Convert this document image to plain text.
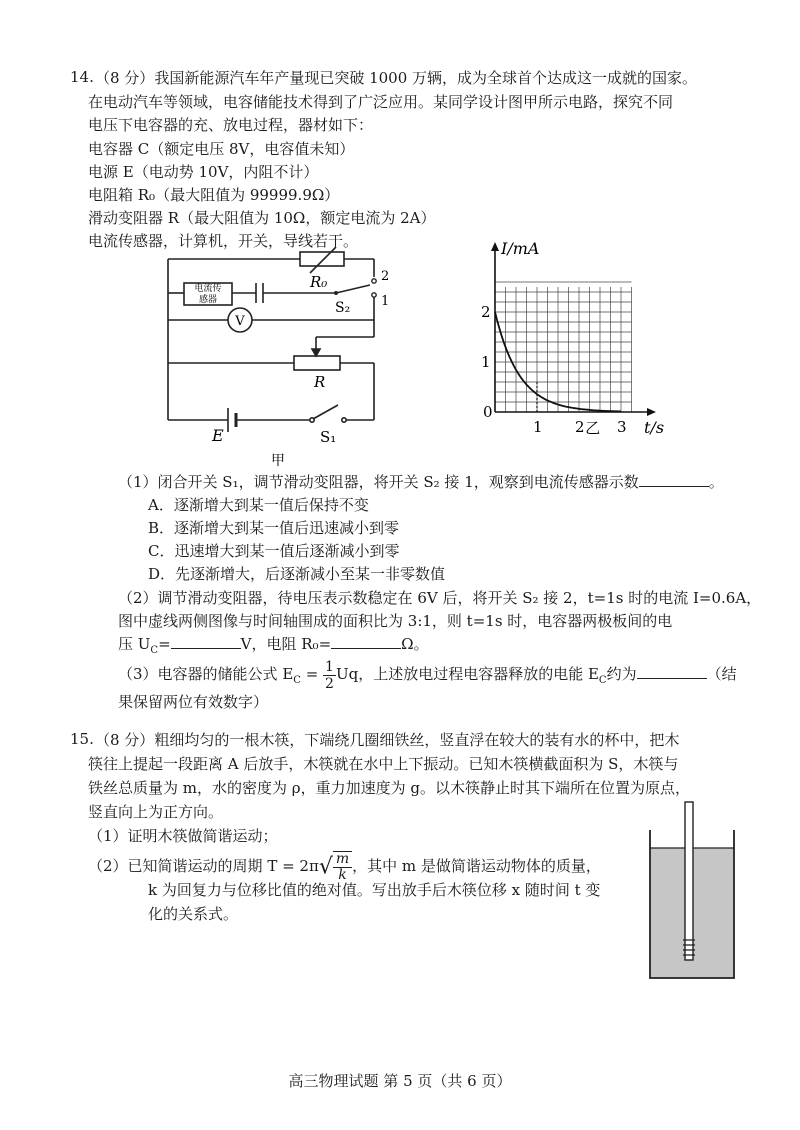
14. （8 分）我国新能源汽车年产量现已突破 1000 万辆，成为全球首个达成这一成就的国家。
在电动汽车等领域，电容储能技术得到了广泛应用。某同学设计图甲所示电路，探究不同
电压下电容器的充、放电过程，器材如下：
电容器 C（额定电压 8V，电容值未知）
电源 E（电动势 10V，内阻不计）
电阻箱 R₀（最大阻值为 99999.9Ω）
滑动变阻器 R（最大阻值为 10Ω，额定电流为 2A）
电流传感器，计算机，开关，导线若干。
电流传
感器
R₀
S₂
2
1
V
R
E	S₁
甲
0
1 2 3
1
2
I/mA
t/s
乙
（1）闭合开关 S₁，调节滑动变阻器，将开关 S₂ 接 1，观察到电流传感器示数	。
A．逐渐增大到某一值后保持不变
B．逐渐增大到某一值后迅速减小到零
C．迅速增大到某一值后逐渐减小到零
D．先逐渐增大，后逐渐减小至某一非零数值
（2）调节滑动变阻器，待电压表示数稳定在 6V 后，将开关 S₂ 接 2，t=1s 时的电流 I=0.6A，
图中虚线两侧图像与时间轴围成的面积比为 3:1，则 t=1s 时，电容器两极板间的电
压 $U_C=$	V，电阻 R₀=	Ω。
（3）电容器的储能公式 $E_C = \frac{1}{2}$ Uq，上述放电过程电容器释放的电能 $E_C$约为	（结
果保留两位有效数字）
15. （8 分）粗细均匀的一根木筷，下端绕几圈细铁丝，竖直浮在较大的装有水的杯中，把木
筷往上提起一段距离 A 后放手，木筷就在水中上下振动。已知木筷横截面积为 S，木筷与
铁丝总质量为 m，水的密度为 ρ，重力加速度为 g。以木筷静止时其下端所在位置为原点，
竖直向上为正方向。
（1）证明木筷做简谐运动；
（2）已知简谐运动的周期 $T = 2\pi√ \frac{m}{k}$ ，其中 m 是做简谐运动物体的质量，
k 为回复力与位移比值的绝对值。写出放手后木筷位移 x 随时间 t 变
化的关系式。
高三物理试题 第 5 页（共 6 页）
